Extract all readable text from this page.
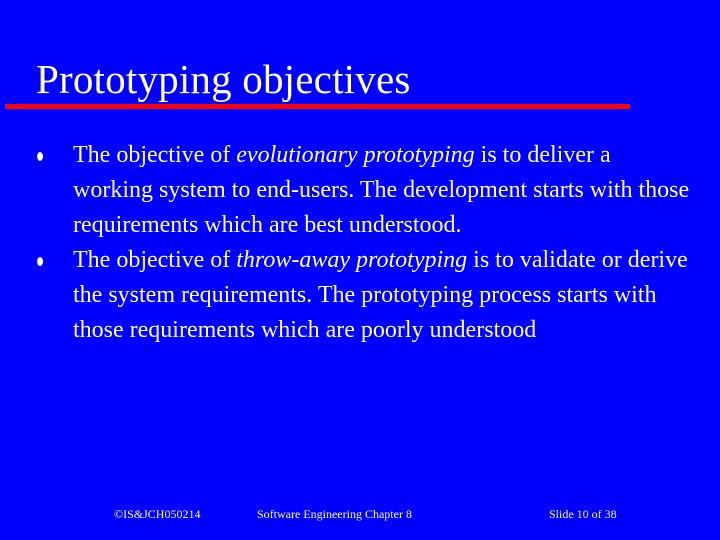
Prototyping objectives
The objective of evolutionary prototyping is to deliver a working system to end-users. The development starts with those requirements which are best understood.
The objective of throw-away prototyping is to validate or derive the system requirements. The prototyping process starts with those requirements which are poorly understood
©IS&JCH050214	Software Engineering Chapter 8	Slide 10 of 38
